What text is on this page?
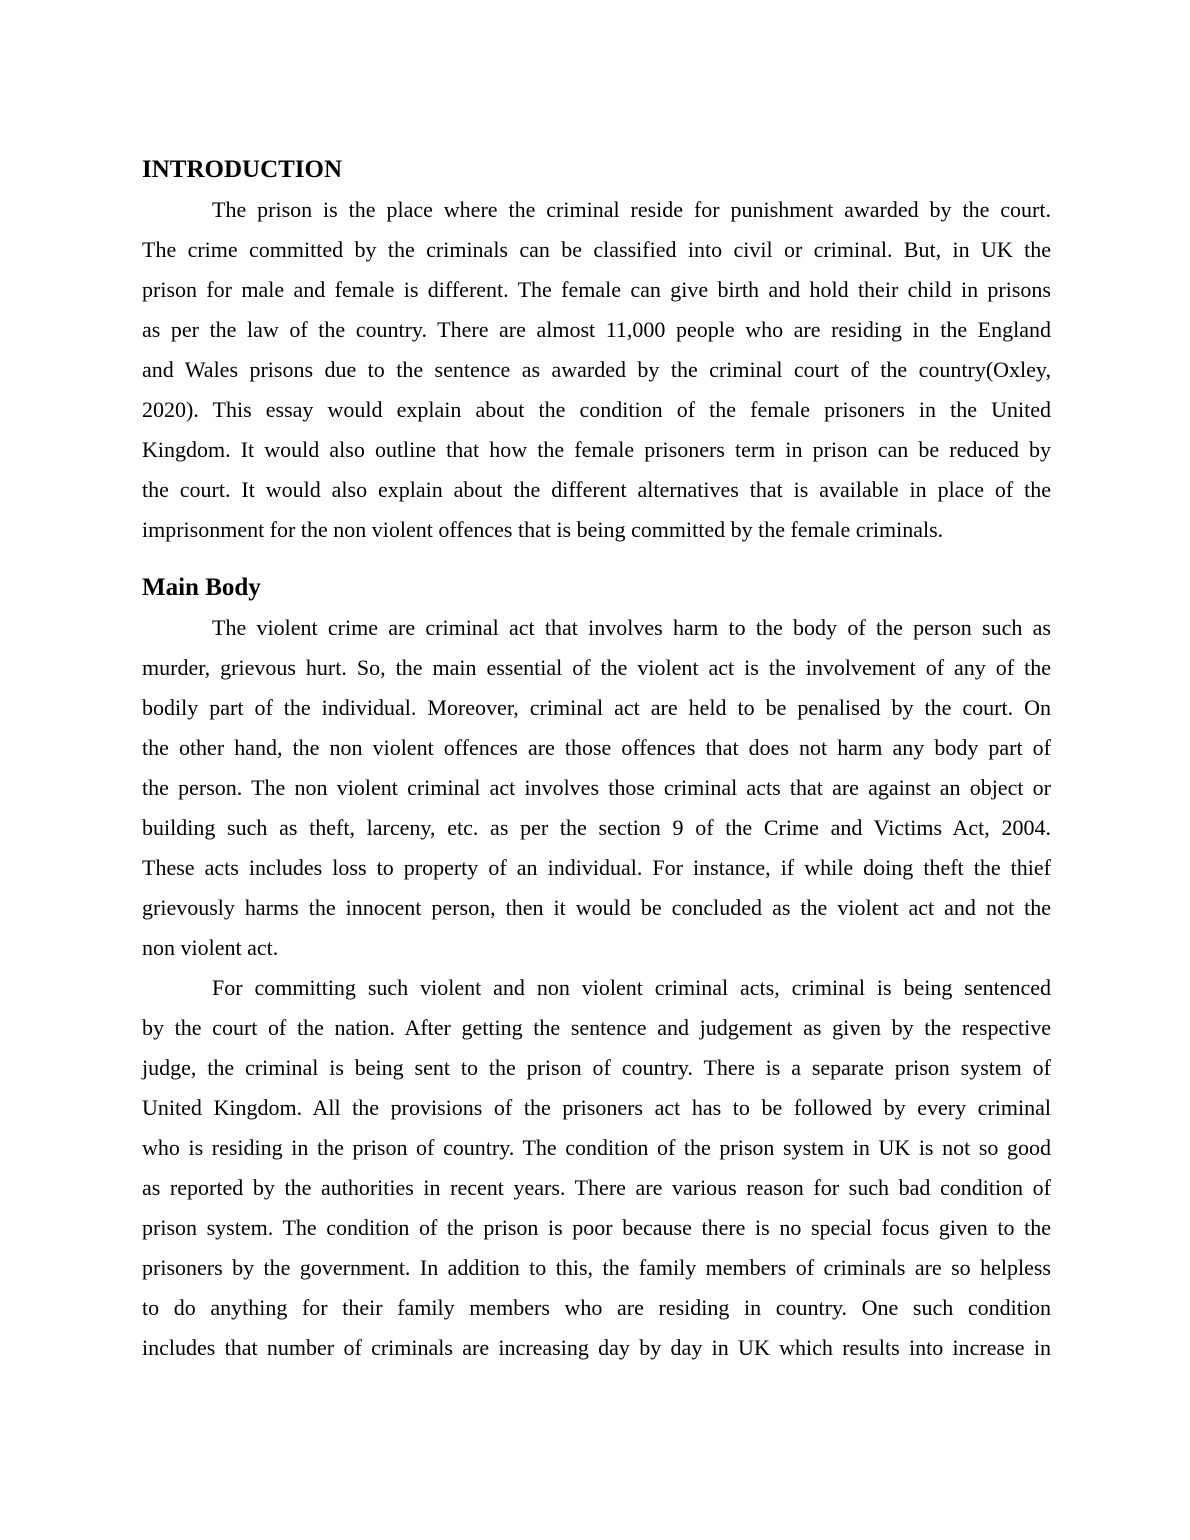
INTRODUCTION
The prison is the place where the criminal reside for punishment awarded by the court.
The crime committed by the criminals can be classified into civil or criminal. But, in UK the
prison for male and female is different. The female can give birth and hold their child in prisons
as per the law of the country. There are almost 11,000 people who are residing in the England
and Wales prisons due to the sentence as awarded by the criminal court of the country(Oxley,
2020). This essay would explain about the condition of the female prisoners in the United
Kingdom. It would also outline that how the female prisoners term in prison can be reduced by
the court. It would also explain about the different alternatives that is available in place of the
imprisonment for the non violent offences that is being committed by the female criminals.
Main Body
The violent crime are criminal act that involves harm to the body of the person such as
murder, grievous hurt. So, the main essential of the violent act is the involvement of any of the
bodily part of the individual. Moreover, criminal act are held to be penalised by the court. On
the other hand, the non violent offences are those offences that does not harm any body part of
the person. The non violent criminal act involves those criminal acts that are against an object or
building such as theft, larceny, etc. as per the section 9 of the Crime and Victims Act, 2004.
These acts includes loss to property of an individual. For instance, if while doing theft the thief
grievously harms the innocent person, then it would be concluded as the violent act and not the
non violent act.
For committing such violent and non violent criminal acts, criminal is being sentenced
by the court of the nation. After getting the sentence and judgement as given by the respective
judge, the criminal is being sent to the prison of country. There is a separate prison system of
United Kingdom. All the provisions of the prisoners act has to be followed by every criminal
who is residing in the prison of country. The condition of the prison system in UK is not so good
as reported by the authorities in recent years. There are various reason for such bad condition of
prison system. The condition of the prison is poor because there is no special focus given to the
prisoners by the government. In addition to this, the family members of criminals are so helpless
to do anything for their family members who are residing in country. One such condition
includes that number of criminals are increasing day by day in UK which results into increase in
